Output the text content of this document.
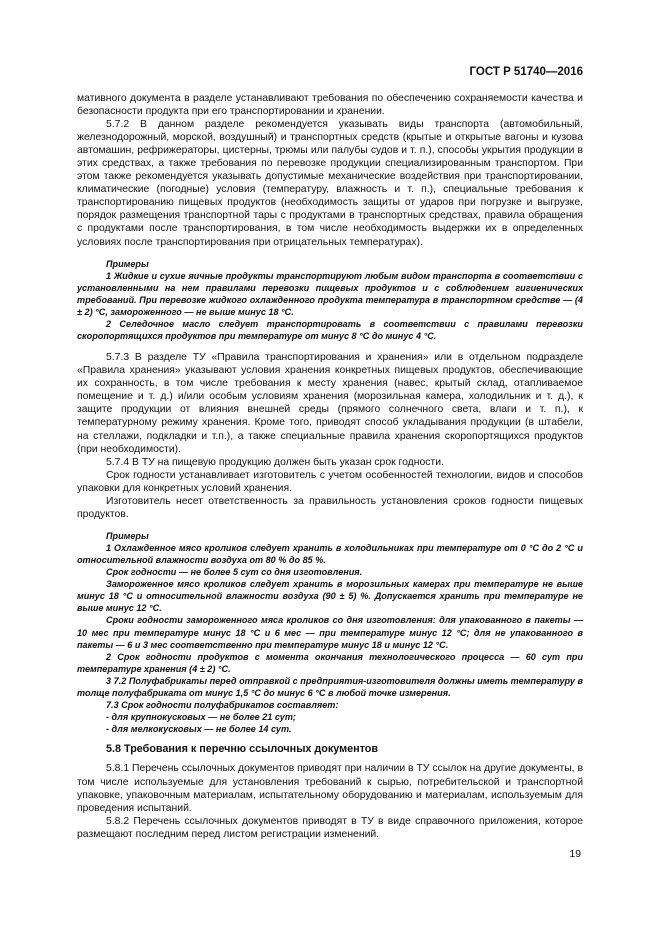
ГОСТ Р 51740—2016

мативного документа в разделе устанавливают требования по обеспечению сохраняемости качества и безопасности продукта при его транспортировании и хранении.

5.7.2 В данном разделе рекомендуется указывать виды транспорта (автомобильный, железнодорожный, морской, воздушный) и транспортных средств (крытые и открытые вагоны и кузова автомашин, рефрижераторы, цистерны, трюмы или палубы судов и т. п.), способы укрытия продукции в этих средствах, а также требования по перевозке продукции специализированным транспортом. При этом также рекомендуется указывать допустимые механические воздействия при транспортировании, климатические (погодные) условия (температуру, влажность и т. п.), специальные требования к транспортированию пищевых продуктов (необходимость защиты от ударов при погрузке и выгрузке, порядок размещения транспортной тары с продуктами в транспортных средствах, правила обращения с продуктами после транспортирования, в том числе необходимость выдержки их в определенных условиях после транспортирования при отрицательных температурах).

Примеры

1 Жидкие и сухие яичные продукты транспортируют любым видом транспорта в соответствии с установленными на нем правилами перевозки пищевых продуктов и с соблюдением гигиенических требований. При перевозке жидкого охлажденного продукта температура в транспортном средстве — (4 ± 2) °С, замороженного — не выше минус 18 °С.

2 Селедочное масло следует транспортировать в соответствии с правилами перевозки скоропортящихся продуктов при температуре от минус 8 °С до минус 4 °С.

5.7.3 В разделе ТУ «Правила транспортирования и хранения» или в отдельном подразделе «Правила хранения» указывают условия хранения конкретных пищевых продуктов, обеспечивающие их сохранность, в том числе требования к месту хранения (навес, крытый склад, отапливаемое помещение и т. д.) и/или особым условиям хранения (морозильная камера, холодильник и т. д.), к защите продукции от влияния внешней среды (прямого солнечного света, влаги и т. п.), к температурному режиму хранения. Кроме того, приводят способ укладывания продукции (в штабели, на стеллажи, подкладки и т.п.), а также специальные правила хранения скоропортящихся продуктов (при необходимости).

5.7.4 В ТУ на пищевую продукцию должен быть указан срок годности.

Срок годности устанавливает изготовитель с учетом особенностей технологии, видов и способов упаковки для конкретных условий хранения.

Изготовитель несет ответственность за правильность установления сроков годности пищевых продуктов.

Примеры

1 Охлажденное мясо кроликов следует хранить в холодильниках при температуре от 0 °С до 2 °С и относительной влажности воздуха от 80 % до 85 %.

Срок годности — не более 5 сут со дня изготовления.

Замороженное мясо кроликов следует хранить в морозильных камерах при температуре не выше минус 18 °С и относительной влажности воздуха (90 ± 5) %. Допускается хранить при температуре не выше минус 12 °С.

Сроки годности замороженного мяса кроликов со дня изготовления: для упакованного в пакеты — 10 мес при температуре минус 18 °С и 6 мес — при температуре минус 12 °С; для не упакованного в пакеты — 6 и 3 мес соответственно при температуре минус 18 и минус 12 °С.

2 Срок годности продуктов с момента окончания технологического процесса — 60 сут при температуре хранения (4 ± 2) °С.

3 7.2 Полуфабрикаты перед отправкой с предприятия-изготовителя должны иметь температуру в толще полуфабриката от минус 1,5 °С до минус 6 °С в любой точке измерения.

7.3 Срок годности полуфабрикатов составляет:

- для крупнокусковых — не более 21 сут;

- для мелкокусковых — не более 14 сут.

5.8 Требования к перечню ссылочных документов

5.8.1 Перечень ссылочных документов приводят при наличии в ТУ ссылок на другие документы, в том числе используемые для установления требований к сырью, потребительской и транспортной упаковке, упаковочным материалам, испытательному оборудованию и материалам, используемым для проведения испытаний.

5.8.2 Перечень ссылочных документов приводят в ТУ в виде справочного приложения, которое размещают последним перед листом регистрации изменений.

19
